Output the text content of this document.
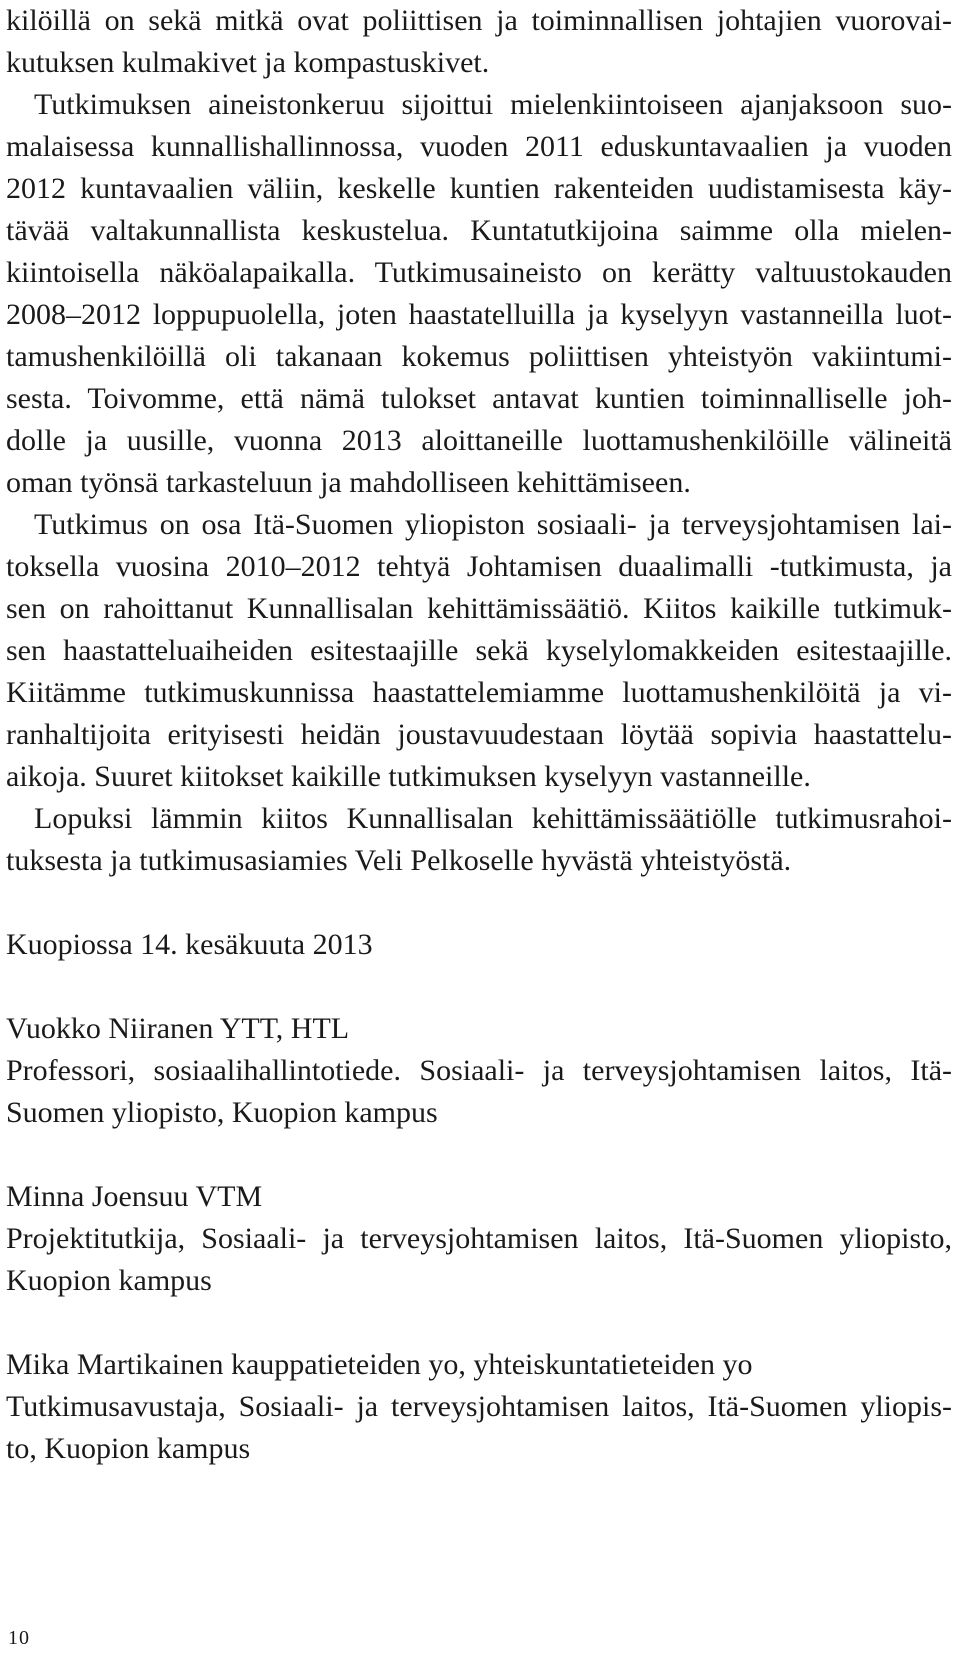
kilöillä on sekä mitkä ovat poliittisen ja toiminnallisen johtajien vuorovai-
kutuksen kulmakivet ja kompastuskivet.
Tutkimuksen aineistonkeruu sijoittui mielenkiintoiseen ajanjaksoon suo-
malaisessa kunnallishallinnossa, vuoden 2011 eduskuntavaalien ja vuoden
2012 kuntavaalien väliin, keskelle kuntien rakenteiden uudistamisesta käy-
tävää valtakunnallista keskustelua. Kuntatutkijoina saimme olla mielen-
kiintoisella näköalapaikalla. Tutkimusaineisto on kerätty valtuustokauden
2008–2012 loppupuolella, joten haastatelluilla ja kyselyyn vastanneilla luot-
tamushenkilöillä oli takanaan kokemus poliittisen yhteistyön vakiintumi-
sesta. Toivomme, että nämä tulokset antavat kuntien toiminnalliselle joh-
dolle ja uusille, vuonna 2013 aloittaneille luottamushenkilöille välineitä
oman työnsä tarkasteluun ja mahdolliseen kehittämiseen.
Tutkimus on osa Itä-Suomen yliopiston sosiaali- ja terveysjohtamisen lai-
toksella vuosina 2010–2012 tehtyä Johtamisen duaalimalli -tutkimusta, ja
sen on rahoittanut Kunnallisalan kehittämissäätiö. Kiitos kaikille tutkimuk-
sen haastatteluaiheiden esitestaajille sekä kyselylomakkeiden esitestaajille.
Kiitämme tutkimuskunnissa haastattelemiamme luottamushenkilöitä ja vi-
ranhaltijoita erityisesti heidän joustavuudestaan löytää sopivia haastattelu-
aikoja. Suuret kiitokset kaikille tutkimuksen kyselyyn vastanneille.
Lopuksi lämmin kiitos Kunnallisalan kehittämissäätiölle tutkimusrahoi-
tuksesta ja tutkimusasiamies Veli Pelkoselle hyvästä yhteistyöstä.
Kuopiossa 14. kesäkuuta 2013
Vuokko Niiranen YTT, HTL
Professori, sosiaalihallintotiede. Sosiaali- ja terveysjohtamisen laitos, Itä-
Suomen yliopisto, Kuopion kampus
Minna Joensuu VTM
Projektitutkija, Sosiaali- ja terveysjohtamisen laitos, Itä-Suomen yliopisto,
Kuopion kampus
Mika Martikainen kauppatieteiden yo, yhteiskuntatieteiden yo
Tutkimusavustaja, Sosiaali- ja terveysjohtamisen laitos, Itä-Suomen yliopis-
to, Kuopion kampus
10
